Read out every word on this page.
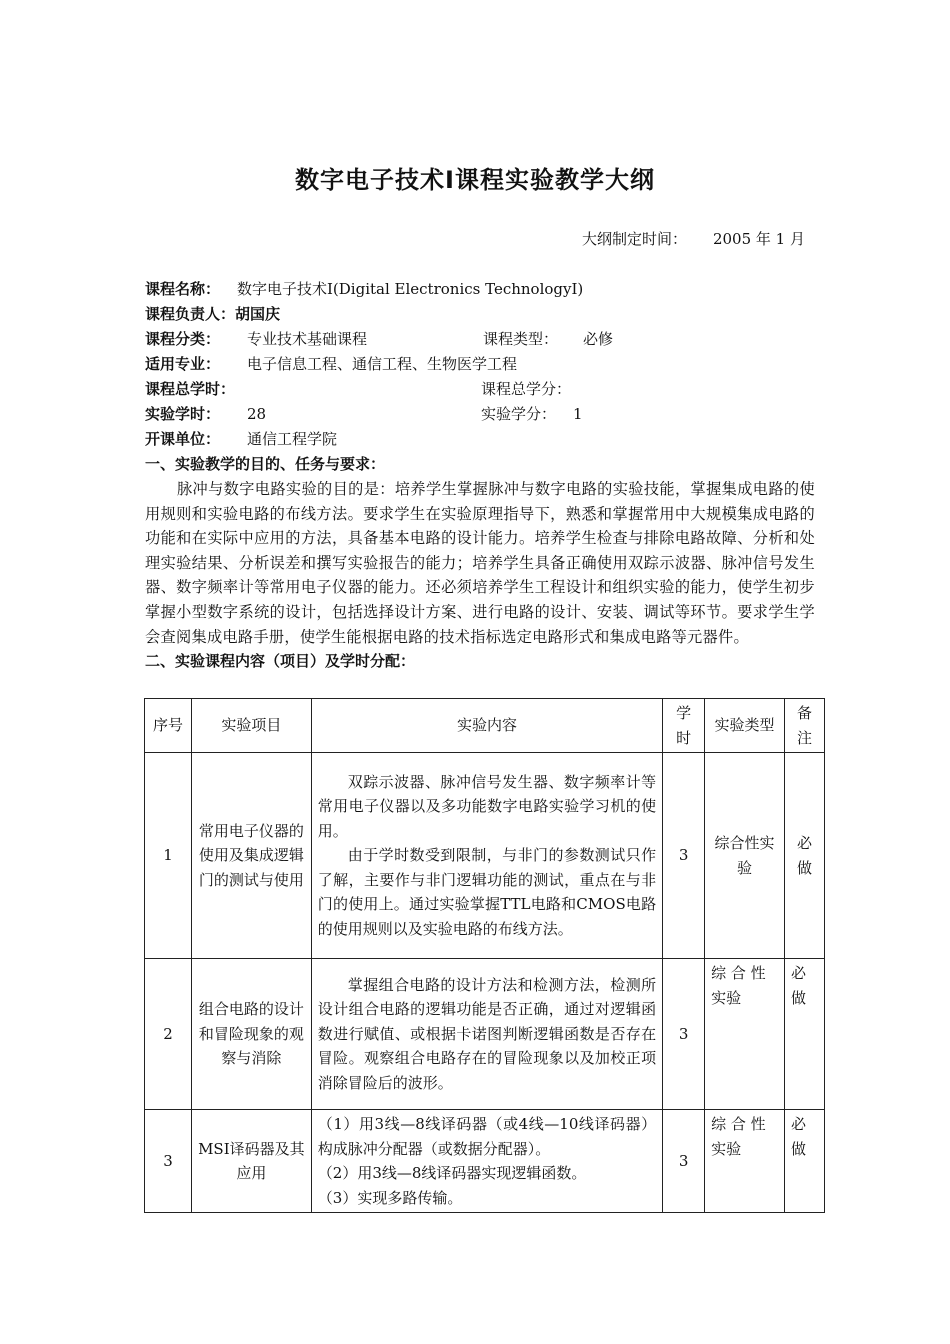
数字电子技术Ⅰ课程实验教学大纲
大纲制定时间： 2005 年 1 月
课程名称： 数字电子技术Ⅰ(Digital Electronics TechnologyⅠ)
课程负责人：胡国庆
课程分类： 专业技术基础课程	课程类型： 必修
适用专业： 电子信息工程、通信工程、生物医学工程
课程总学时：	课程总学分：
实验学时： 28	实验学分： 1
开课单位： 通信工程学院
一、实验教学的目的、任务与要求：

脉冲与数字电路实验的目的是：培养学生掌握脉冲与数字电路的实验技能，掌握集成电路的使用规则和实验电路的布线方法。要求学生在实验原理指导下，熟悉和掌握常用中大规模集成电路的功能和在实际中应用的方法，具备基本电路的设计能力。培养学生检查与排除电路故障、分析和处理实验结果、分析误差和撰写实验报告的能力；培养学生具备正确使用双踪示波器、脉冲信号发生器、数字频率计等常用电子仪器的能力。还必须培养学生工程设计和组织实验的能力，使学生初步掌握小型数字系统的设计，包括选择设计方案、进行电路的设计、安装、调试等环节。要求学生学会查阅集成电路手册，使学生能根据电路的技术指标选定电路形式和集成电路等元器件。

二、实验课程内容（项目）及学时分配：
序号	实验项目	实验内容	学时	实验类型	备注
1	常用电子仪器的使用及集成逻辑门的测试与使用	双踪示波器、脉冲信号发生器、数字频率计等常用电子仪器以及多功能数字电路实验学习机的使用。

由于学时数受到限制，与非门的参数测试只作了解，主要作与非门逻辑功能的测试，重点在与非门的使用上。通过实验掌握TTL电路和CMOS电路的使用规则以及实验电路的布线方法。	3	综合性实验	必做
2	组合电路的设计和冒险现象的观察与消除	掌握组合电路的设计方法和检测方法，检测所设计组合电路的逻辑功能是否正确，通过对逻辑函数进行赋值、或根据卡诺图判断逻辑函数是否存在冒险。观察组合电路存在的冒险现象以及加校正项消除冒险后的波形。	3	综 合 性 实验	必做
3	MSI译码器及其应用	（1）用3线—8线译码器（或4线—10线译码器）构成脉冲分配器（或数据分配器）。

（2）用3线—8线译码器实现逻辑函数。

（3）实现多路传输。	3	综 合 性 实验	必做
